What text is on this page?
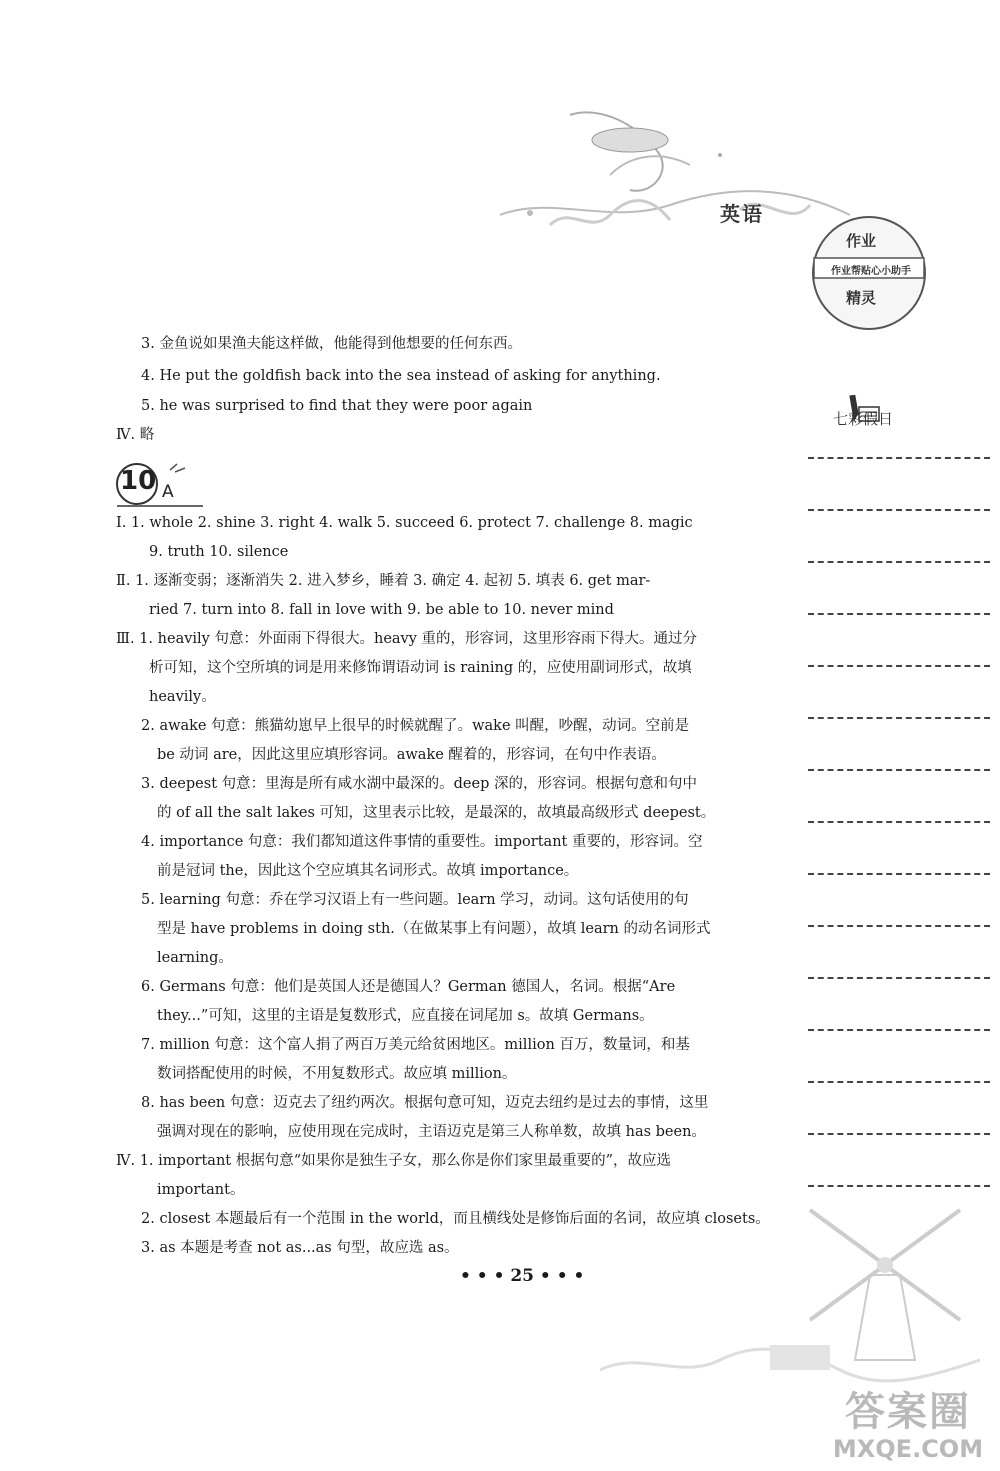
英语
作业
作业帮贴心小助手
精灵
七彩假日
3. 金鱼说如果渔夫能这样做，他能得到他想要的任何东西。
4. He put the goldfish back into the sea instead of asking for anything.
5. he was surprised to find that they were poor again
Ⅳ. 略
10 A
Ⅰ. 1. whole 2. shine 3. right 4. walk 5. succeed 6. protect 7. challenge 8. magic
9. truth 10. silence
Ⅱ. 1. 逐渐变弱；逐渐消失 2. 进入梦乡，睡着 3. 确定 4. 起初 5. 填表 6. get mar-
ried 7. turn into 8. fall in love with 9. be able to 10. never mind
Ⅲ. 1. heavily 句意：外面雨下得很大。heavy 重的，形容词，这里形容雨下得大。通过分
析可知，这个空所填的词是用来修饰谓语动词 is raining 的，应使用副词形式，故填
heavily。
2. awake 句意：熊猫幼崽早上很早的时候就醒了。wake 叫醒，吵醒，动词。空前是
be 动词 are，因此这里应填形容词。awake 醒着的，形容词，在句中作表语。
3. deepest 句意：里海是所有咸水湖中最深的。deep 深的，形容词。根据句意和句中
的 of all the salt lakes 可知，这里表示比较，是最深的，故填最高级形式 deepest。
4. importance 句意：我们都知道这件事情的重要性。important 重要的，形容词。空
前是冠词 the，因此这个空应填其名词形式。故填 importance。
5. learning 句意：乔在学习汉语上有一些问题。learn 学习，动词。这句话使用的句
型是 have problems in doing sth.（在做某事上有问题），故填 learn 的动名词形式
learning。
6. Germans 句意：他们是英国人还是德国人？German 德国人，名词。根据“Are
they...”可知，这里的主语是复数形式，应直接在词尾加 s。故填 Germans。
7. million 句意：这个富人捐了两百万美元给贫困地区。million 百万，数量词，和基
数词搭配使用的时候，不用复数形式。故应填 million。
8. has been 句意：迈克去了纽约两次。根据句意可知，迈克去纽约是过去的事情，这里
强调对现在的影响，应使用现在完成时，主语迈克是第三人称单数，故填 has been。
Ⅳ. 1. important 根据句意“如果你是独生子女，那么你是你们家里最重要的”，故应选
important。
2. closest 本题最后有一个范围 in the world，而且横线处是修饰后面的名词，故应填 closets。
3. as 本题是考查 not as...as 句型，故应选 as。
• • • 25 • • •
答案圈
MXQE.COM
